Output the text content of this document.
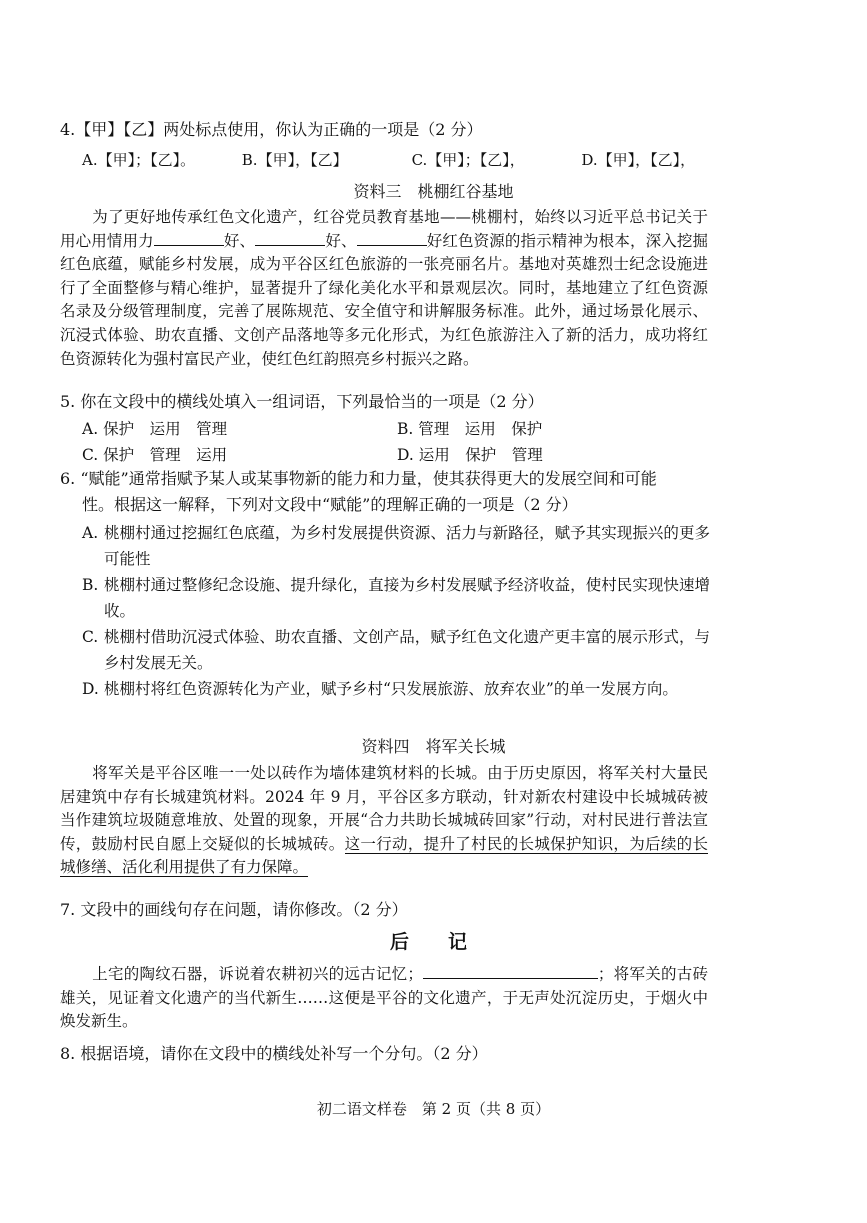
4.【甲】【乙】两处标点使用，你认为正确的一项是（2 分）
A.【甲】；【乙】。	B.【甲】，【乙】	C.【甲】；【乙】，	D.【甲】，【乙】，
资料三　桃棚红谷基地
为了更好地传承红色文化遗产，红谷党员教育基地——桃棚村，始终以习近平总书记关于用心用情用力	好、	好、	好红色资源的指示精神为根本，深入挖掘红色底蕴，赋能乡村发展，成为平谷区红色旅游的一张亮丽名片。基地对英雄烈士纪念设施进行了全面整修与精心维护，显著提升了绿化美化水平和景观层次。同时，基地建立了红色资源名录及分级管理制度，完善了展陈规范、安全值守和讲解服务标准。此外，通过场景化展示、沉浸式体验、助农直播、文创产品落地等多元化形式，为红色旅游注入了新的活力，成功将红色资源转化为强村富民产业，使红色红韵照亮乡村振兴之路。
5. 你在文段中的横线处填入一组词语，下列最恰当的一项是（2 分）
A. 保护　运用　管理	B. 管理　运用　保护
C. 保护　管理　运用	D. 运用　保护　管理
6. “赋能”通常指赋予某人或某事物新的能力和力量，使其获得更大的发展空间和可能
性。根据这一解释，下列对文段中“赋能”的理解正确的一项是（2 分）
A. 桃棚村通过挖掘红色底蕴，为乡村发展提供资源、活力与新路径，赋予其实现振兴的更多可能性
B. 桃棚村通过整修纪念设施、提升绿化，直接为乡村发展赋予经济收益，使村民实现快速增收。
C. 桃棚村借助沉浸式体验、助农直播、文创产品，赋予红色文化遗产更丰富的展示形式，与乡村发展无关。
D. 桃棚村将红色资源转化为产业，赋予乡村“只发展旅游、放弃农业”的单一发展方向。
资料四　将军关长城
将军关是平谷区唯一一处以砖作为墙体建筑材料的长城。由于历史原因，将军关村大量民居建筑中存有长城建筑材料。2024 年 9 月，平谷区多方联动，针对新农村建设中长城城砖被当作建筑垃圾随意堆放、处置的现象，开展“合力共助长城城砖回家”行动，对村民进行普法宣传，鼓励村民自愿上交疑似的长城城砖。这一行动，提升了村民的长城保护知识，为后续的长城修缮、活化利用提供了有力保障。
7. 文段中的画线句存在问题，请你修改。（2 分）
后　记
上宅的陶纹石器，诉说着农耕初兴的远古记忆；	；将军关的古砖雄关，见证着文化遗产的当代新生……这便是平谷的文化遗产，于无声处沉淀历史，于烟火中焕发新生。
8. 根据语境，请你在文段中的横线处补写一个分句。（2 分）
初二语文样卷　第 2 页（共 8 页）
